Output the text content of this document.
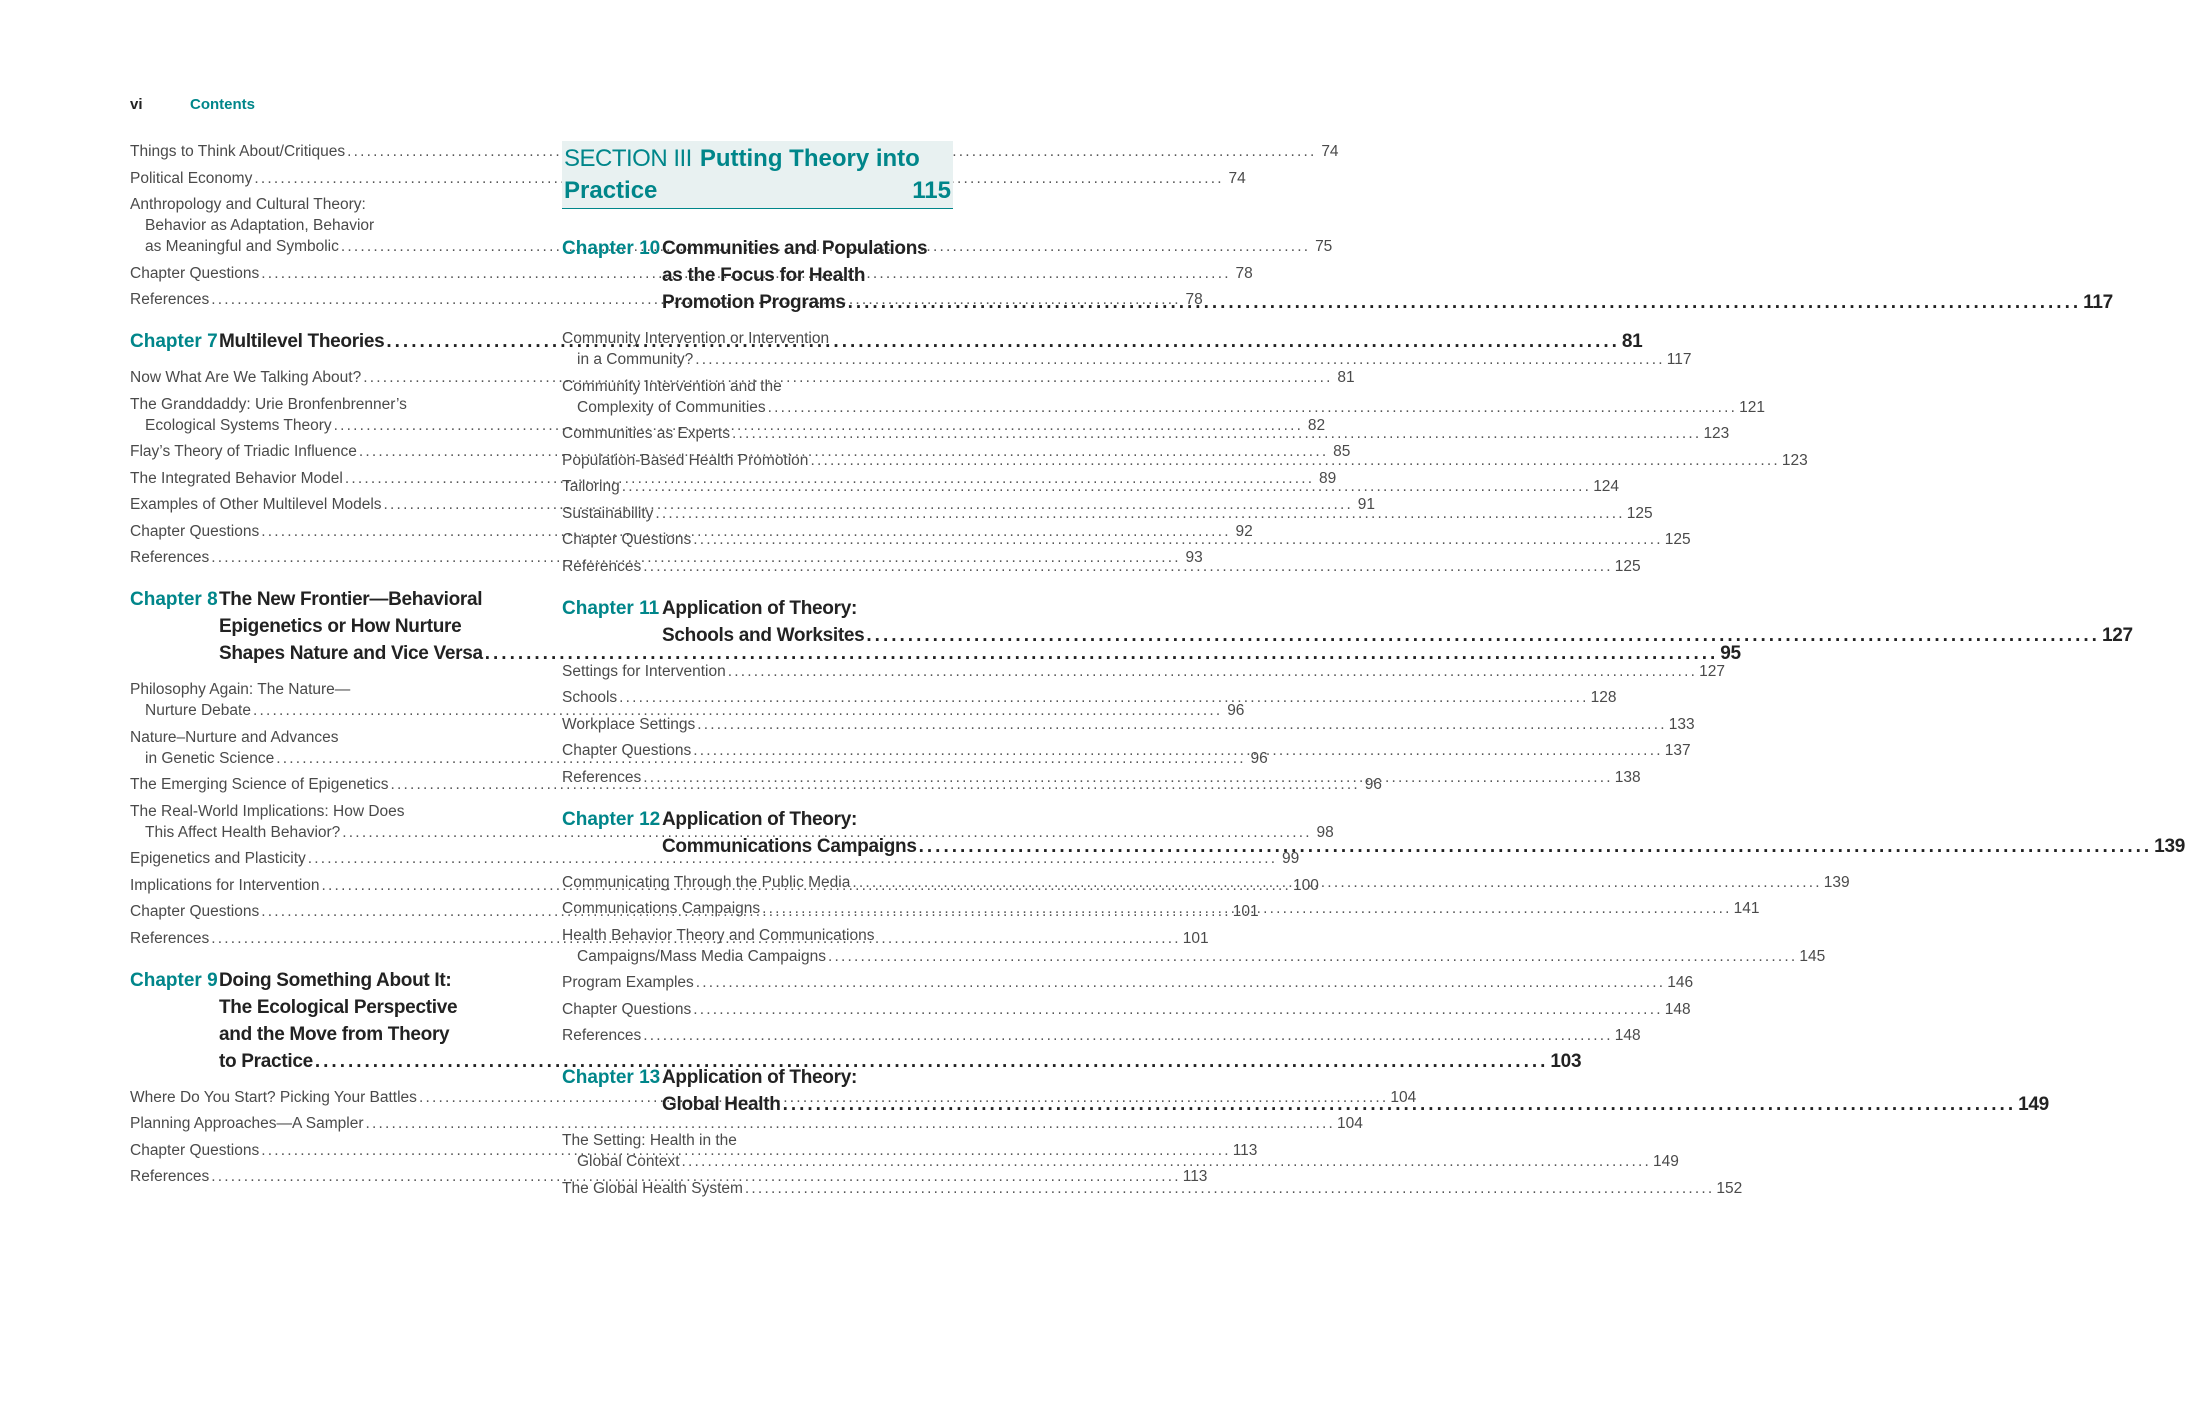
vi	Contents
Things to Think About/Critiques .....	74
Political Economy .....	74
Anthropology and Cultural Theory:
Behavior as Adaptation, Behavior
as Meaningful and Symbolic .....	75
Chapter Questions .....	78
References .....	78
Chapter 7 Multilevel Theories .....	81
Now What Are We Talking About? .....	81
The Granddaddy: Urie Bronfenbrenner’s
Ecological Systems Theory .....	82
Flay’s Theory of Triadic Influence .....	85
The Integrated Behavior Model .....	89
Examples of Other Multilevel Models .....	91
Chapter Questions .....	92
References .....	93
Chapter 8 The New Frontier—Behavioral
Epigenetics or How Nurture
Shapes Nature and Vice Versa .....	95
Philosophy Again: The Nature—
Nurture Debate .....	96
Nature–Nurture and Advances
in Genetic Science .....	96
The Emerging Science of Epigenetics .....	96
The Real-World Implications: How Does
This Affect Health Behavior? .....	98
Epigenetics and Plasticity .....	99
Implications for Intervention .....	100
Chapter Questions .....	101
References .....	101
Chapter 9 Doing Something About It:
The Ecological Perspective
and the Move from Theory
to Practice .....	103
Where Do You Start? Picking Your Battles .....	104
Planning Approaches—A Sampler .....	104
Chapter Questions .....	113
References .....	113
SECTION III Putting Theory into
Practice	115
Chapter 10 Communities and Populations
as the Focus for Health
Promotion Programs .....	117
Community Intervention or Intervention
in a Community? .....	117
Community Intervention and the
Complexity of Communities .....	121
Communities as Experts .....	123
Population-Based Health Promotion .....	123
Tailoring .....	124
Sustainability .....	125
Chapter Questions .....	125
References .....	125
Chapter 11 Application of Theory:
Schools and Worksites .....	127
Settings for Intervention .....	127
Schools .....	128
Workplace Settings .....	133
Chapter Questions .....	137
References .....	138
Chapter 12 Application of Theory:
Communications Campaigns .....	139
Communicating Through the Public Media .....	139
Communications Campaigns .....	141
Health Behavior Theory and Communications
Campaigns/Mass Media Campaigns .....	145
Program Examples .....	146
Chapter Questions .....	148
References .....	148
Chapter 13 Application of Theory:
Global Health .....	149
The Setting: Health in the
Global Context .....	149
The Global Health System .....	152
